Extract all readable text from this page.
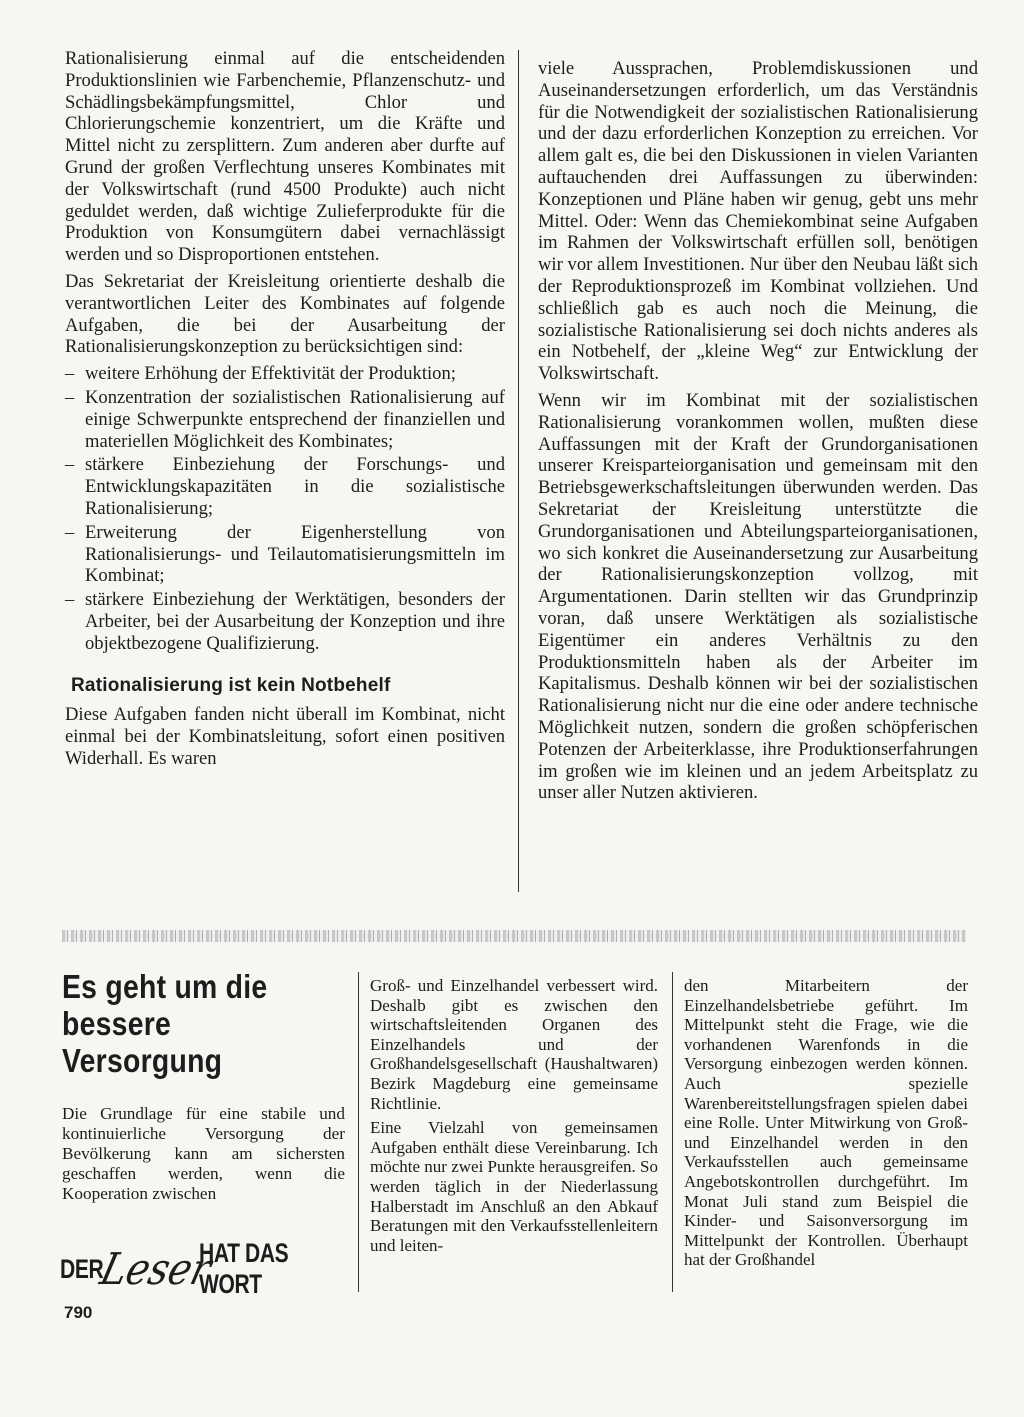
Rationalisierung einmal auf die entscheidenden Produktionslinien wie Farbenchemie, Pflanzenschutz- und Schädlingsbekämpfungsmittel, Chlor und Chlorierungschemie konzentriert, um die Kräfte und Mittel nicht zu zersplittern. Zum anderen aber durfte auf Grund der großen Verflechtung unseres Kombinates mit der Volkswirtschaft (rund 4500 Produkte) auch nicht geduldet werden, daß wichtige Zulieferprodukte für die Produktion von Konsumgütern dabei vernachlässigt werden und so Disproportionen entstehen.

Das Sekretariat der Kreisleitung orientierte deshalb die verantwortlichen Leiter des Kombinates auf folgende Aufgaben, die bei der Ausarbeitung der Rationalisierungskonzeption zu berücksichtigen sind:

– weitere Erhöhung der Effektivität der Produktion;
– Konzentration der sozialistischen Rationalisierung auf einige Schwerpunkte entsprechend der finanziellen und materiellen Möglichkeit des Kombinates;
– stärkere Einbeziehung der Forschungs- und Entwicklungskapazitäten in die sozialistische Rationalisierung;
– Erweiterung der Eigenherstellung von Rationalisierungs- und Teilautomatisierungsmitteln im Kombinat;
– stärkere Einbeziehung der Werktätigen, besonders der Arbeiter, bei der Ausarbeitung der Konzeption und ihre objektbezogene Qualifizierung.
Rationalisierung ist kein Notbehelf

Diese Aufgaben fanden nicht überall im Kombinat, nicht einmal bei der Kombinatsleitung, sofort einen positiven Widerhall. Es waren

viele Aussprachen, Problemdiskussionen und Auseinandersetzungen erforderlich, um das Verständnis für die Notwendigkeit der sozialistischen Rationalisierung und der dazu erforderlichen Konzeption zu erreichen. Vor allem galt es, die bei den Diskussionen in vielen Varianten auftauchenden drei Auffassungen zu überwinden: Konzeptionen und Pläne haben wir genug, gebt uns mehr Mittel. Oder: Wenn das Chemiekombinat seine Aufgaben im Rahmen der Volkswirtschaft erfüllen soll, benötigen wir vor allem Investitionen. Nur über den Neubau läßt sich der Reproduktionsprozeß im Kombinat vollziehen. Und schließlich gab es auch noch die Meinung, die sozialistische Rationalisierung sei doch nichts anderes als ein Notbehelf, der „kleine Weg“ zur Entwicklung der Volkswirtschaft.

Wenn wir im Kombinat mit der sozialistischen Rationalisierung vorankommen wollen, mußten diese Auffassungen mit der Kraft der Grundorganisationen unserer Kreisparteiorganisation und gemeinsam mit den Betriebsgewerkschaftsleitungen überwunden werden. Das Sekretariat der Kreisleitung unterstützte die Grundorganisationen und Abteilungsparteiorganisationen, wo sich konkret die Auseinandersetzung zur Ausarbeitung der Rationalisierungskonzeption vollzog, mit Argumentationen. Darin stellten wir das Grundprinzip voran, daß unsere Werktätigen als sozialistische Eigentümer ein anderes Verhältnis zu den Produktionsmitteln haben als der Arbeiter im Kapitalismus. Deshalb können wir bei der sozialistischen Rationalisierung nicht nur die eine oder andere technische Möglichkeit nutzen, sondern die großen schöpferischen Potenzen der Arbeiterklasse, ihre Produktionserfahrungen im großen wie im kleinen und an jedem Arbeitsplatz zu unser aller Nutzen aktivieren.

Es geht um die
bessere
Versorgung

Die Grundlage für eine stabile und kontinuierliche Versorgung der Bevölkerung kann am sichersten geschaffen werden, wenn die Kooperation zwischen

DER
Leser
HAT DAS WORT
790

Groß- und Einzelhandel verbessert wird. Deshalb gibt es zwischen den wirtschaftsleitenden Organen des Einzelhandels und der Großhandelsgesellschaft (Haushaltwaren) Bezirk Magdeburg eine gemeinsame Richtlinie.

Eine Vielzahl von gemeinsamen Aufgaben enthält diese Vereinbarung. Ich möchte nur zwei Punkte herausgreifen. So werden täglich in der Niederlassung Halberstadt im Anschluß an den Abkauf Beratungen mit den Verkaufsstellenleitern und leiten-

den Mitarbeitern der Einzelhandelsbetriebe geführt. Im Mittelpunkt steht die Frage, wie die vorhandenen Warenfonds in die Versorgung einbezogen werden können. Auch spezielle Warenbereitstellungsfragen spielen dabei eine Rolle. Unter Mitwirkung von Groß- und Einzelhandel werden in den Verkaufsstellen auch gemeinsame Angebotskontrollen durchgeführt. Im Monat Juli stand zum Beispiel die Kinder- und Saisonversorgung im Mittelpunkt der Kontrollen. Überhaupt hat der Großhandel
